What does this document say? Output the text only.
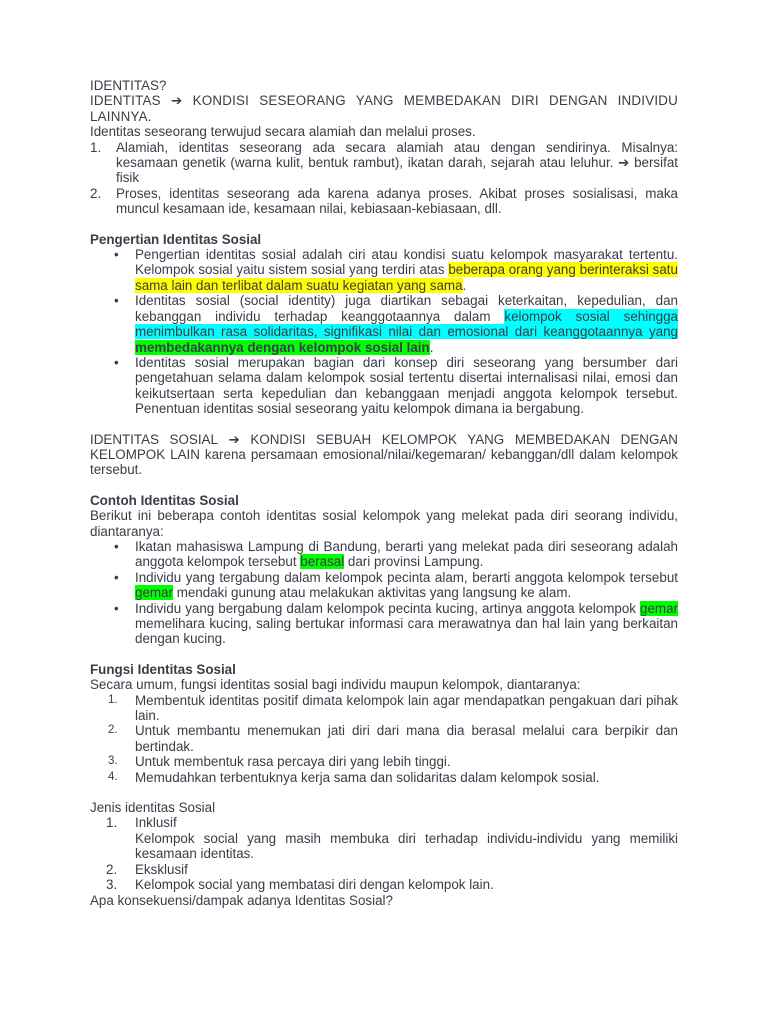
IDENTITAS?

IDENTITAS ➔ KONDISI SESEORANG YANG MEMBEDAKAN DIRI DENGAN INDIVIDU LAINNYA.

Identitas seseorang terwujud secara alamiah dan melalui proses.

1. Alamiah, identitas seseorang ada secara alamiah atau dengan sendirinya. Misalnya: kesamaan genetik (warna kulit, bentuk rambut), ikatan darah, sejarah atau leluhur. ➔ bersifat fisik
2. Proses, identitas seseorang ada karena adanya proses. Akibat proses sosialisasi, maka muncul kesamaan ide, kesamaan nilai, kebiasaan-kebiasaan, dll.

Pengertian Identitas Sosial

• Pengertian identitas sosial adalah ciri atau kondisi suatu kelompok masyarakat tertentu. Kelompok sosial yaitu sistem sosial yang terdiri atas beberapa orang yang berinteraksi satu sama lain dan terlibat dalam suatu kegiatan yang sama.
• Identitas sosial (social identity) juga diartikan sebagai keterkaitan, kepedulian, dan kebanggan individu terhadap keanggotaannya dalam kelompok sosial sehingga menimbulkan rasa solidaritas, signifikasi nilai dan emosional dari keanggotaannya yang membedakannya dengan kelompok sosial lain.
• Identitas sosial merupakan bagian dari konsep diri seseorang yang bersumber dari pengetahuan selama dalam kelompok sosial tertentu disertai internalisasi nilai, emosi dan keikutsertaan serta kepedulian dan kebanggaan menjadi anggota kelompok tersebut. Penentuan identitas sosial seseorang yaitu kelompok dimana ia bergabung.

IDENTITAS SOSIAL ➔ KONDISI SEBUAH KELOMPOK YANG MEMBEDAKAN DENGAN KELOMPOK LAIN karena persamaan emosional/nilai/kegemaran/ kebanggan/dll dalam kelompok tersebut.

Contoh Identitas Sosial

Berikut ini beberapa contoh identitas sosial kelompok yang melekat pada diri seorang individu, diantaranya:

• Ikatan mahasiswa Lampung di Bandung, berarti yang melekat pada diri seseorang adalah anggota kelompok tersebut berasal dari provinsi Lampung.
• Individu yang tergabung dalam kelompok pecinta alam, berarti anggota kelompok tersebut gemar mendaki gunung atau melakukan aktivitas yang langsung ke alam.
• Individu yang bergabung dalam kelompok pecinta kucing, artinya anggota kelompok gemar memelihara kucing, saling bertukar informasi cara merawatnya dan hal lain yang berkaitan dengan kucing.

Fungsi Identitas Sosial

Secara umum, fungsi identitas sosial bagi individu maupun kelompok, diantaranya:

1. Membentuk identitas positif dimata kelompok lain agar mendapatkan pengakuan dari pihak lain.
2. Untuk membantu menemukan jati diri dari mana dia berasal melalui cara berpikir dan bertindak.
3. Untuk membentuk rasa percaya diri yang lebih tinggi.
4. Memudahkan terbentuknya kerja sama dan solidaritas dalam kelompok sosial.

Jenis identitas Sosial

1. Inklusif
Kelompok social yang masih membuka diri terhadap individu-individu yang memiliki kesamaan identitas.
2. Eksklusif
3. Kelompok social yang membatasi diri dengan kelompok lain.

Apa konsekuensi/dampak adanya Identitas Sosial?
